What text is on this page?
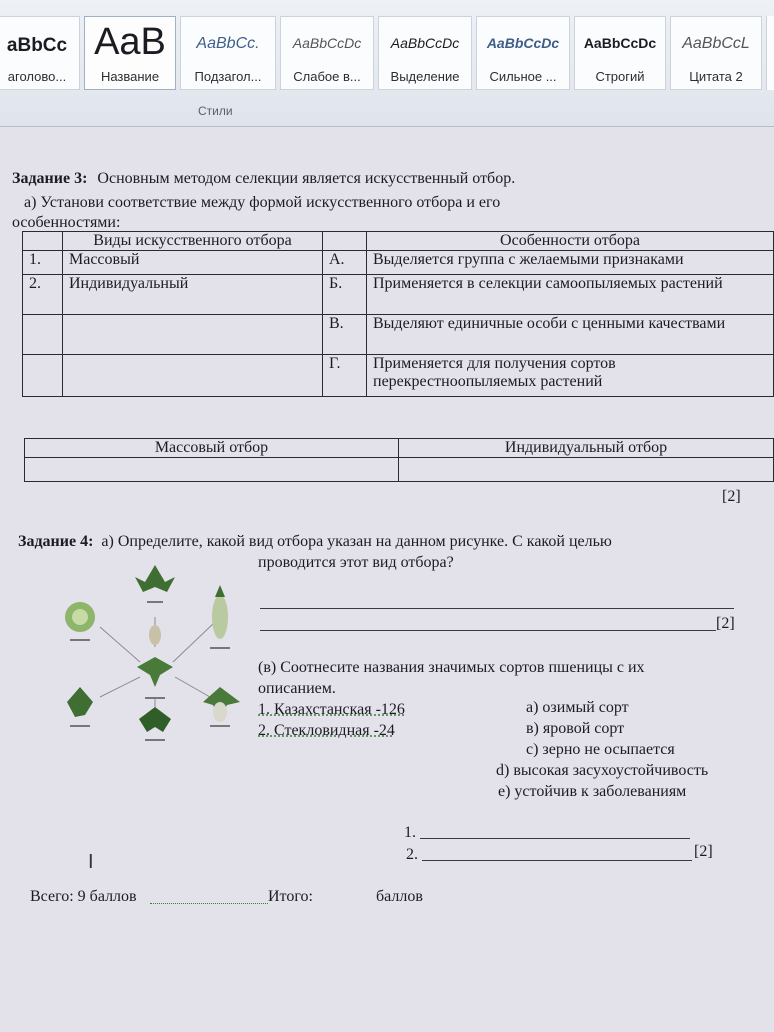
aBbCc
аголово...
AaB
Название
AaBbCc.
Подзагол...
AaBbCcDc
Слабое в...
AaBbCcDc
Выделение
AaBbCcDc
Сильное ...
AaBbCcDc
Строгий
AaBbCcL
Цитата 2
Стили
Задание 3: Основным методом селекции является искусственный отбор.
а) Установи соответствие между формой искусственного отбора и его
особенностями:
	Виды искусственного отбора		Особенности отбора
1.	Массовый	А.	Выделяется группа с желаемыми признаками
2.	Индивидуальный	Б.	Применяется в селекции самоопыляемых растений
		В.	Выделяют единичные особи с ценными качествами
		Г.	Применяется для получения сортов перекрестноопыляемых растений
Массовый отбор	Индивидуальный отбор

[2]
Задание 4: а) Определите, какой вид отбора указан на данном рисунке. С какой целью
проводится этот вид отбора?
[2]
(в) Соотнесите названия значимых сортов пшеницы с их
описанием.
1. Казахстанская -126
2. Стекловидная -24
а) озимый сорт
в) яровой сорт
с) зерно не осыпается
d) высокая засухоустойчивость
e) устойчив к заболеваниям
1.
2.	[2]
I
Всего: 9 баллов	Итого:	баллов
